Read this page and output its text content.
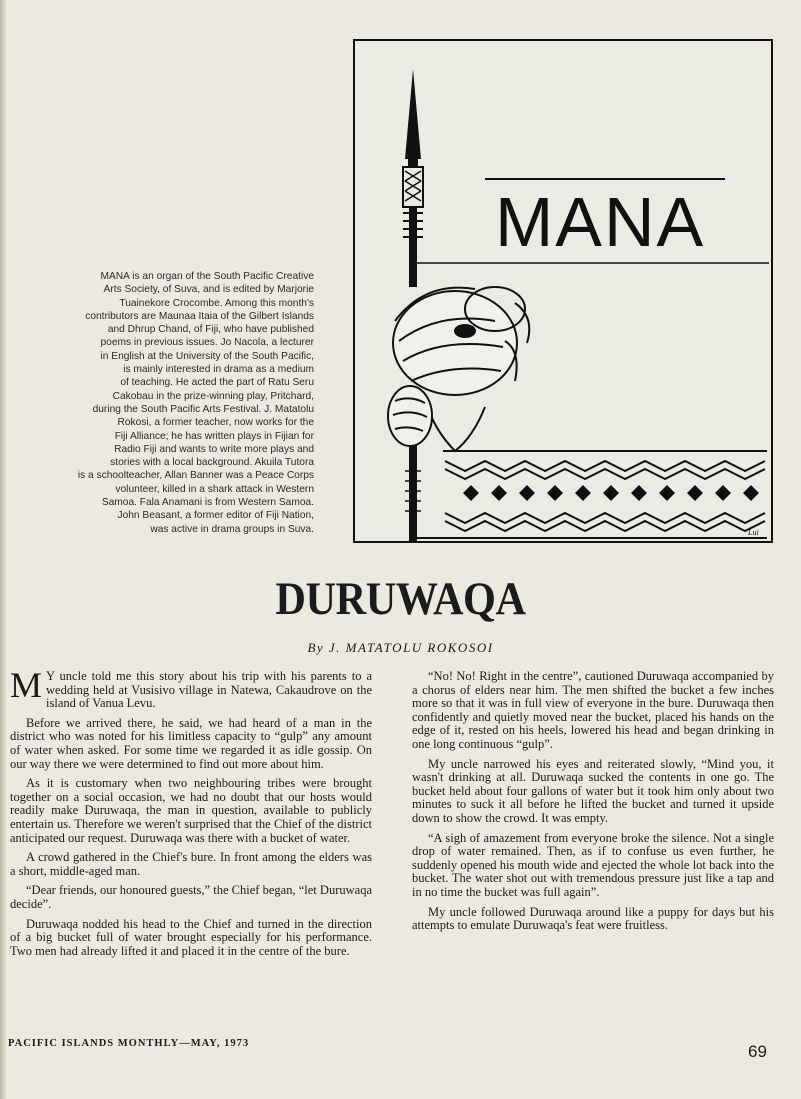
MANA is an organ of the South Pacific Creative
Arts Society, of Suva, and is edited by Marjorie
Tuainekore Crocombe. Among this month's
contributors are Maunaa Itaia of the Gilbert Islands
and Dhrup Chand, of Fiji, who have published
poems in previous issues. Jo Nacola, a lecturer
in English at the University of the South Pacific,
is mainly interested in drama as a medium
of teaching. He acted the part of Ratu Seru
Cakobau in the prize-winning play, Pritchard,
during the South Pacific Arts Festival. J. Matatolu
Rokosi, a former teacher, now works for the
Fiji Alliance; he has written plays in Fijian for
Radio Fiji and wants to write more plays and
stories with a local background. Akuila Tutora
is a schoolteacher, Allan Banner was a Peace Corps
volunteer, killed in a shark attack in Western
Samoa. Fala Anamani is from Western Samoa.
John Beasant, a former editor of Fiji Nation,
was active in drama groups in Suva.
MANA
Lui
DURUWAQA
By J. MATATOLU ROKOSOI

M Y uncle told me this story about his trip with his parents to a wedding held at Vusisivo village in Natewa, Cakaudrove on the island of Vanua Levu.

Before we arrived there, he said, we had heard of a man in the district who was noted for his limitless capacity to “gulp” any amount of water when asked. For some time we regarded it as idle gossip. On our way there we were determined to find out more about him.

As it is customary when two neighbouring tribes were brought together on a social occasion, we had no doubt that our hosts would readily make Duruwaqa, the man in question, available to publicly entertain us. Therefore we weren't surprised that the Chief of the district anticipated our request. Duruwaqa was there with a bucket of water.

A crowd gathered in the Chief's bure. In front among the elders was a short, middle-aged man.

“Dear friends, our honoured guests,” the Chief began, “let Duruwaqa decide”.

Duruwaqa nodded his head to the Chief and turned in the direction of a big bucket full of water brought especially for his performance. Two men had already lifted it and placed it in the centre of the bure.

“No! No! Right in the centre”, cautioned Duruwaqa accompanied by a chorus of elders near him. The men shifted the bucket a few inches more so that it was in full view of everyone in the bure. Duruwaqa then confidently and quietly moved near the bucket, placed his hands on the edge of it, rested on his heels, lowered his head and began drinking in one long continuous “gulp”.

My uncle narrowed his eyes and reiterated slowly, “Mind you, it wasn't drinking at all. Duruwaqa sucked the contents in one go. The bucket held about four gallons of water but it took him only about two minutes to suck it all before he lifted the bucket and turned it upside down to show the crowd. It was empty.

“A sigh of amazement from everyone broke the silence. Not a single drop of water remained. Then, as if to confuse us even further, he suddenly opened his mouth wide and ejected the whole lot back into the bucket. The water shot out with tremendous pressure just like a tap and in no time the bucket was full again”.

My uncle followed Duruwaqa around like a puppy for days but his attempts to emulate Duruwaqa's feat were fruitless.

PACIFIC ISLANDS MONTHLY—MAY, 1973	69
